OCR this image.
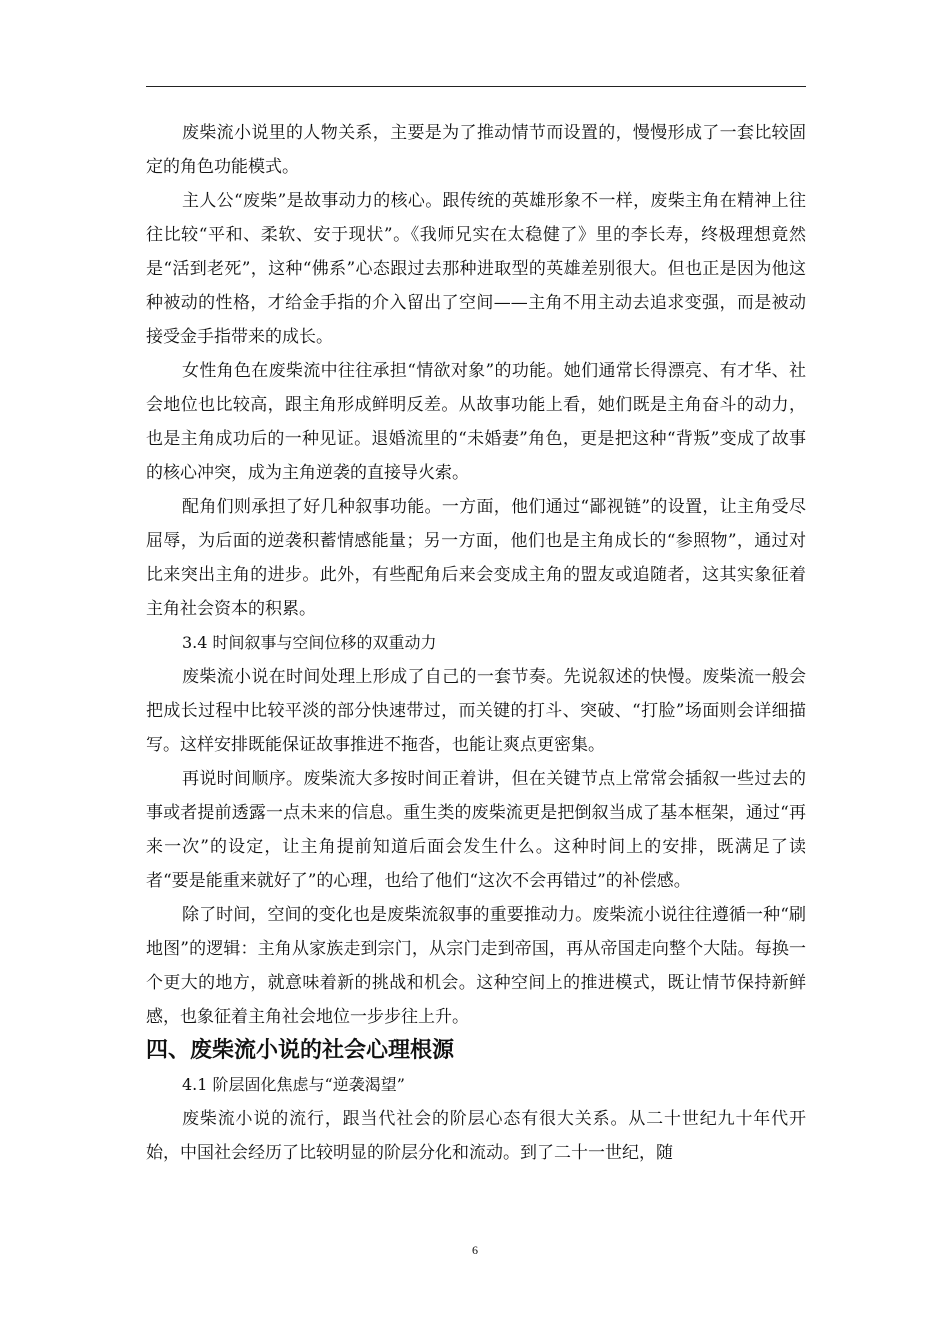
废柴流小说里的人物关系，主要是为了推动情节而设置的，慢慢形成了一套比较固定的角色功能模式。

主人公“废柴”是故事动力的核心。跟传统的英雄形象不一样，废柴主角在精神上往往比较“平和、柔软、安于现状”。《我师兄实在太稳健了》里的李长寿，终极理想竟然是“活到老死”，这种“佛系”心态跟过去那种进取型的英雄差别很大。但也正是因为他这种被动的性格，才给金手指的介入留出了空间——主角不用主动去追求变强，而是被动接受金手指带来的成长。

女性角色在废柴流中往往承担“情欲对象”的功能。她们通常长得漂亮、有才华、社会地位也比较高，跟主角形成鲜明反差。从故事功能上看，她们既是主角奋斗的动力，也是主角成功后的一种见证。退婚流里的“未婚妻”角色，更是把这种“背叛”变成了故事的核心冲突，成为主角逆袭的直接导火索。

配角们则承担了好几种叙事功能。一方面，他们通过“鄙视链”的设置，让主角受尽屈辱，为后面的逆袭积蓄情感能量；另一方面，他们也是主角成长的“参照物”，通过对比来突出主角的进步。此外，有些配角后来会变成主角的盟友或追随者，这其实象征着主角社会资本的积累。

3.4 时间叙事与空间位移的双重动力

废柴流小说在时间处理上形成了自己的一套节奏。先说叙述的快慢。废柴流一般会把成长过程中比较平淡的部分快速带过，而关键的打斗、突破、“打脸”场面则会详细描写。这样安排既能保证故事推进不拖沓，也能让爽点更密集。

再说时间顺序。废柴流大多按时间正着讲，但在关键节点上常常会插叙一些过去的事或者提前透露一点未来的信息。重生类的废柴流更是把倒叙当成了基本框架，通过“再来一次”的设定，让主角提前知道后面会发生什么。这种时间上的安排，既满足了读者“要是能重来就好了”的心理，也给了他们“这次不会再错过”的补偿感。

除了时间，空间的变化也是废柴流叙事的重要推动力。废柴流小说往往遵循一种“刷地图”的逻辑：主角从家族走到宗门，从宗门走到帝国，再从帝国走向整个大陆。每换一个更大的地方，就意味着新的挑战和机会。这种空间上的推进模式，既让情节保持新鲜感，也象征着主角社会地位一步步往上升。

四、废柴流小说的社会心理根源

4.1 阶层固化焦虑与“逆袭渴望”

废柴流小说的流行，跟当代社会的阶层心态有很大关系。从二十世纪九十年代开始，中国社会经历了比较明显的阶层分化和流动。到了二十一世纪，随

6
